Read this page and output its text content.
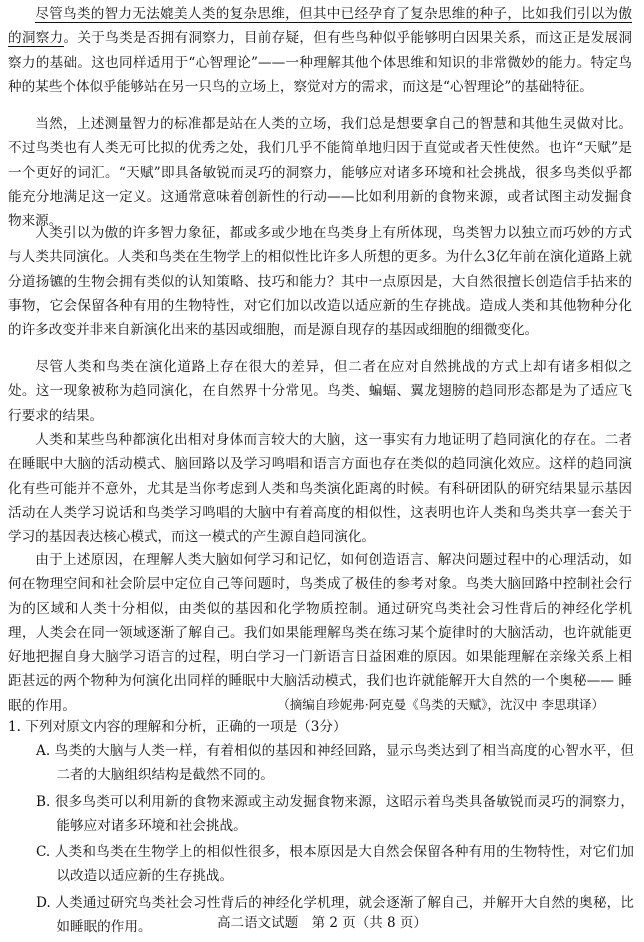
尽管鸟类的智力无法媲美人类的复杂思维，但其中已经孕育了复杂思维的种子，比如我们引以为傲的洞察力。关于鸟类是否拥有洞察力，目前存疑，但有些鸟种似乎能够明白因果关系，而这正是发展洞察力的基础。这也同样适用于“心智理论”——一种理解其他个体思维和知识的非常微妙的能力。特定鸟种的某些个体似乎能够站在另一只鸟的立场上，察觉对方的需求，而这是“心智理论”的基础特征。

当然，上述测量智力的标准都是站在人类的立场，我们总是想要拿自己的智慧和其他生灵做对比。不过鸟类也有人类无可比拟的优秀之处，我们几乎不能简单地归因于直觉或者天性使然。也许“天赋”是一个更好的词汇。“天赋”即具备敏锐而灵巧的洞察力，能够应对诸多环境和社会挑战，很多鸟类似乎都能充分地满足这一定义。这通常意味着创新性的行动——比如利用新的食物来源，或者试图主动发掘食物来源。

人类引以为傲的许多智力象征，都或多或少地在鸟类身上有所体现，鸟类智力以独立而巧妙的方式与人类共同演化。人类和鸟类在生物学上的相似性比许多人所想的更多。为什么3亿年前在演化道路上就分道扬镳的生物会拥有类似的认知策略、技巧和能力？其中一点原因是，大自然很擅长创造信手拈来的事物，它会保留各种有用的生物特性，对它们加以改造以适应新的生存挑战。造成人类和其他物种分化的许多改变并非来自新演化出来的基因或细胞，而是源自现存的基因或细胞的细微变化。

尽管人类和鸟类在演化道路上存在很大的差异，但二者在应对自然挑战的方式上却有诸多相似之处。这一现象被称为趋同演化，在自然界十分常见。鸟类、蝙蝠、翼龙翅膀的趋同形态都是为了适应飞行要求的结果。

人类和某些鸟种都演化出相对身体而言较大的大脑，这一事实有力地证明了趋同演化的存在。二者在睡眠中大脑的活动模式、脑回路以及学习鸣唱和语言方面也存在类似的趋同演化效应。这样的趋同演化有些可能并不意外，尤其是当你考虑到人类和鸟类演化距离的时候。有科研团队的研究结果显示基因活动在人类学习说话和鸟类学习鸣唱的大脑中有着高度的相似性，这表明也许人类和鸟类共享一套关于学习的基因表达核心模式，而这一模式的产生源自趋同演化。

由于上述原因，在理解人类大脑如何学习和记忆，如何创造语言、解决问题过程中的心理活动，如何在物理空间和社会阶层中定位自己等问题时，鸟类成了极佳的参考对象。鸟类大脑回路中控制社会行为的区域和人类十分相似，由类似的基因和化学物质控制。通过研究鸟类社会习性背后的神经化学机理，人类会在同一领域逐渐了解自己。我们如果能理解鸟类在练习某个旋律时的大脑活动，也许就能更好地把握自身大脑学习语言的过程，明白学习一门新语言日益困难的原因。如果能理解在亲缘关系上相距甚远的两个物种为何演化出同样的睡眠中大脑活动模式，我们也许就能解开大自然的一个奥秘—— 睡眠的作用。	（摘编自珍妮弗·阿克曼《鸟类的天赋》，沈汉中 李思琪译）

1. 下列对原文内容的理解和分析，正确的一项是（3分）

A. 鸟类的大脑与人类一样，有着相似的基因和神经回路，显示鸟类达到了相当高度的心智水平，但二者的大脑组织结构是截然不同的。
B. 很多鸟类可以利用新的食物来源或主动发掘食物来源，这昭示着鸟类具备敏锐而灵巧的洞察力，能够应对诸多环境和社会挑战。
C. 人类和鸟类在生物学上的相似性很多，根本原因是大自然会保留各种有用的生物特性，对它们加以改造以适应新的生存挑战。
D. 人类通过研究鸟类社会习性背后的神经化学机理，就会逐渐了解自己，并解开大自然的奥秘，比如睡眠的作用。	高二语文试题　第 2 页（共 8 页）
